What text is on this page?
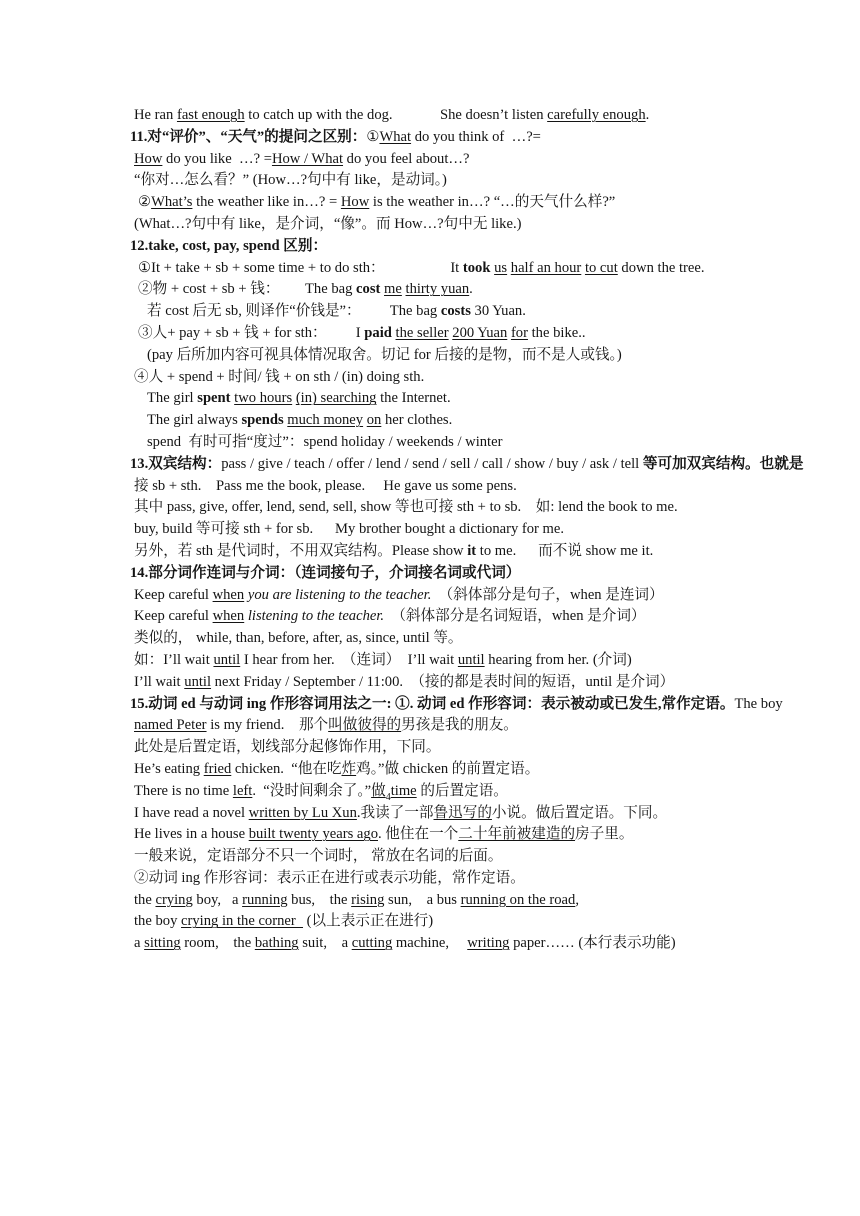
He ran fast enough to catch up with the dog.             She doesn’t listen carefully enough.
11.对“评价”、“天气”的提问之区别：①What do you think of  …?=
How do you like  …? =How / What do you feel about…?
“你对…怎么看？” (How…?句中有 like，是动词。)
②What’s the weather like in…? = How is the weather in…? “…的天气什么样?”
(What…?句中有 like，是介词，“像”。而 How…?句中无 like.)
12.take, cost, pay, spend 区别：
①It + take + sb + some time + to do sth：                  It took us half an hour to cut down the tree.
②物 + cost + sb + 钱：       The bag cost me thirty yuan.
若 cost 后无 sb, 则译作“价钱是”：        The bag costs 30 Yuan.
③人+ pay + sb + 钱 + for sth：        I paid the seller 200 Yuan for the bike..
(pay 后所加内容可视具体情况取舍。切记 for 后接的是物，而不是人或钱。)
④人 + spend + 时间/ 钱 + on sth / (in) doing sth.
The girl spent two hours (in) searching the Internet.
The girl always spends much money on her clothes.
spend  有时可指“度过”：spend holiday / weekends / winter
13.双宾结构：pass / give / teach / offer / lend / send / sell / call / show / buy / ask / tell 等可加双宾结构。也就是
接 sb + sth.    Pass me the book, please.     He gave us some pens.
其中 pass, give, offer, lend, send, sell, show 等也可接 sth + to sb.    如: lend the book to me.
buy, build 等可接 sth + for sb.      My brother bought a dictionary for me.
另外，若 sth 是代词时，不用双宾结构。Please show it to me.      而不说 show me it.
14.部分词作连词与介词：（连词接句子，介词接名词或代词）
Keep careful when you are listening to the teacher.  （斜体部分是句子，when 是连词）
Keep careful when listening to the teacher.  （斜体部分是名词短语，when 是介词）
类似的， while, than, before, after, as, since, until 等。
如：I’ll wait until I hear from her.  （连词）  I’ll wait until hearing from her. (介词)
I’ll wait until next Friday / September / 11:00.  （接的都是表时间的短语，until 是介词）
15.动词 ed 与动词 ing 作形容词用法之一: ①. 动词 ed 作形容词：表示被动或已发生,常作定语。The boy
named Peter is my friend.    那个叫做彼得的男孩是我的朋友。
此处是后置定语，划线部分起修饰作用，下同。
He’s eating fried chicken.  “他在吃炸鸡。”做 chicken 的前置定语。
There is no time left.  “没时间剩余了。”做$_4$time 的后置定语。
I have read a novel written by Lu Xun.我读了一部鲁迅写的小说。做后置定语。下同。
He lives in a house built twenty years ago. 他住在一个二十年前被建造的房子里。
一般来说，定语部分不只一个词时， 常放在名词的后面。
②动词 ing 作形容词：表示正在进行或表示功能，常作定语。
the crying boy,   a running bus,    the rising sun,    a bus running on the road,
the boy crying in the corner   (以上表示正在进行)
a sitting room,    the bathing suit,    a cutting machine,     writing paper…… (本行表示功能)
